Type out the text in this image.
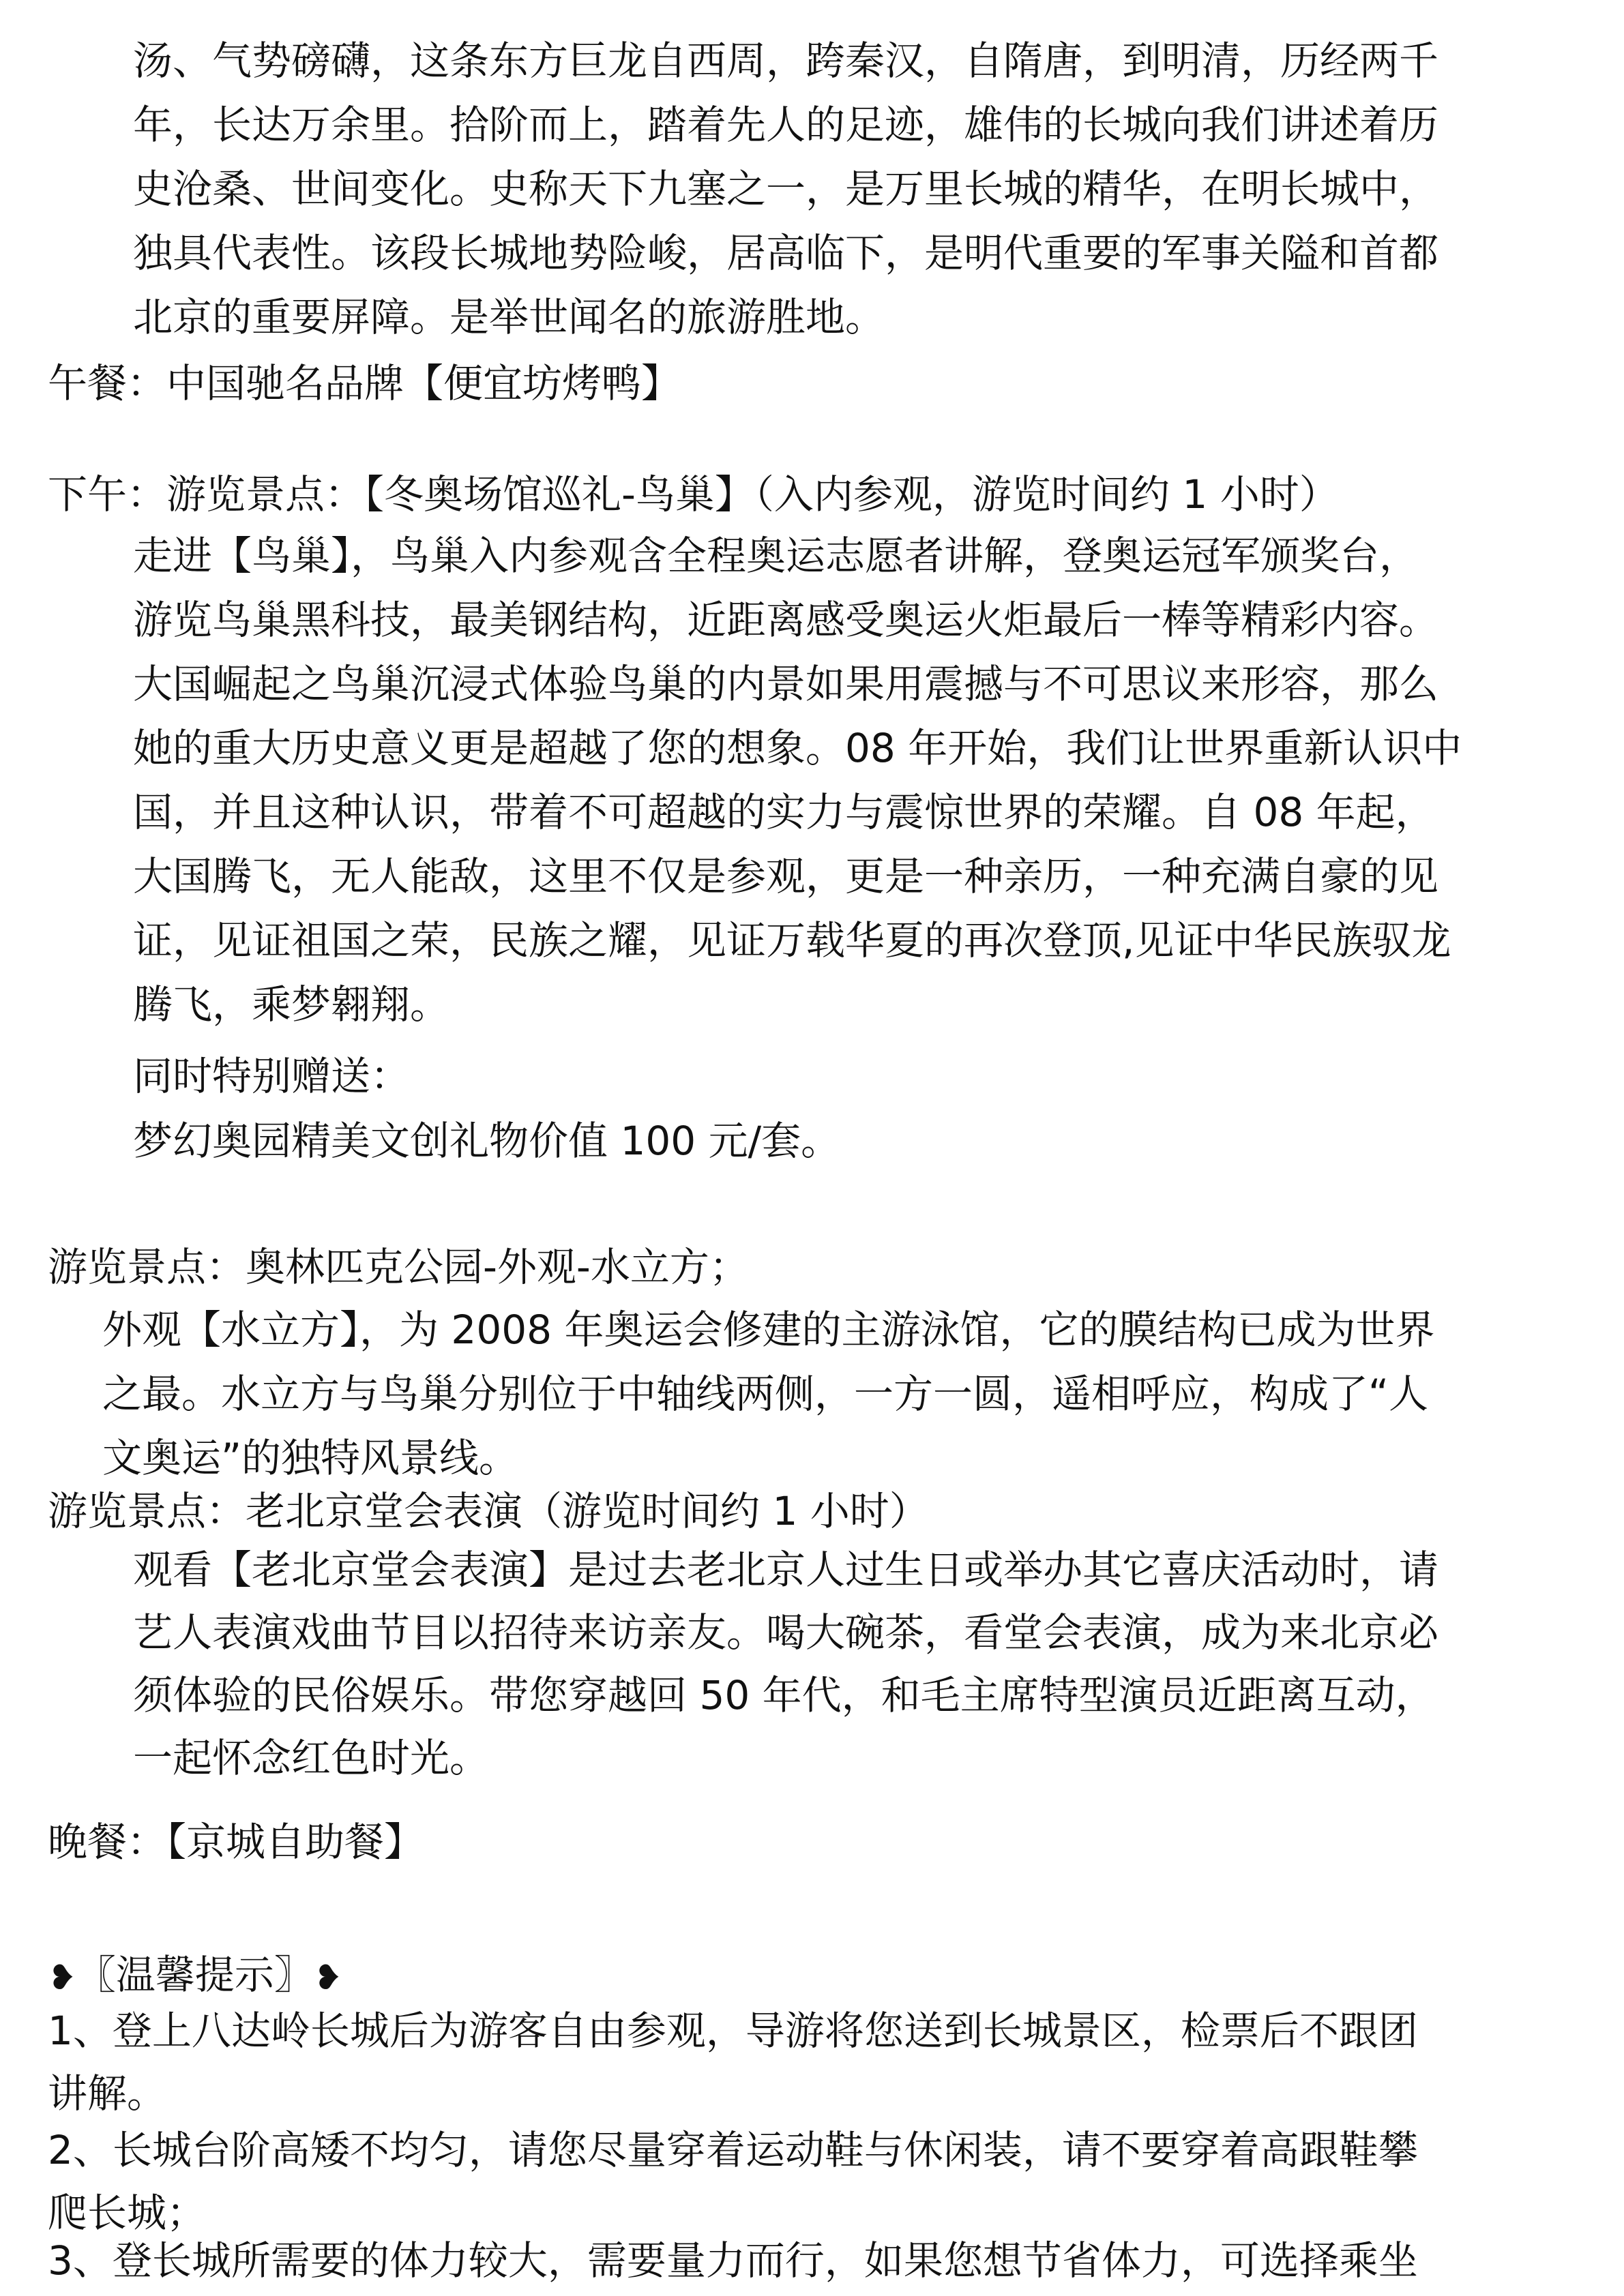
汤、气势磅礴，这条东方巨龙自西周，跨秦汉，自隋唐，到明清，历经两千
年，长达万余里。拾阶而上，踏着先人的足迹，雄伟的长城向我们讲述着历
史沧桑、世间变化。史称天下九塞之一，是万里长城的精华，在明长城中，
独具代表性。该段长城地势险峻，居高临下，是明代重要的军事关隘和首都
北京的重要屏障。是举世闻名的旅游胜地。

午餐：中国驰名品牌【便宜坊烤鸭】

下午：游览景点：【冬奥场馆巡礼-鸟巢】（入内参观，游览时间约 1 小时）

走进【鸟巢】，鸟巢入内参观含全程奥运志愿者讲解，登奥运冠军颁奖台，
游览鸟巢黑科技，最美钢结构，近距离感受奥运火炬最后一棒等精彩内容。
大国崛起之鸟巢沉浸式体验鸟巢的内景如果用震撼与不可思议来形容，那么
她的重大历史意义更是超越了您的想象。08 年开始，我们让世界重新认识中
国，并且这种认识，带着不可超越的实力与震惊世界的荣耀。自 08 年起，
大国腾飞，无人能敌，这里不仅是参观，更是一种亲历，一种充满自豪的见
证，见证祖国之荣，民族之耀，见证万载华夏的再次登顶,见证中华民族驭龙
腾飞，乘梦翱翔。

同时特别赠送：

梦幻奥园精美文创礼物价值 100 元/套。

游览景点：奥林匹克公园-外观-水立方；

外观【水立方】，为 2008 年奥运会修建的主游泳馆，它的膜结构已成为世界
之最。水立方与鸟巢分别位于中轴线两侧，一方一圆，遥相呼应，构成了“人
文奥运”的独特风景线。

游览景点：老北京堂会表演（游览时间约 1 小时）

观看【老北京堂会表演】是过去老北京人过生日或举办其它喜庆活动时，请
艺人表演戏曲节目以招待来访亲友。喝大碗茶，看堂会表演，成为来北京必
须体验的民俗娱乐。带您穿越回 50 年代，和毛主席特型演员近距离互动，
一起怀念红色时光。

晚餐：【京城自助餐】

❥〖温馨提示〗❥

1、登上八达岭长城后为游客自由参观，导游将您送到长城景区，检票后不跟团
讲解。

2、长城台阶高矮不均匀，请您尽量穿着运动鞋与休闲装，请不要穿着高跟鞋攀
爬长城；

3、登长城所需要的体力较大，需要量力而行，如果您想节省体力，可选择乘坐
